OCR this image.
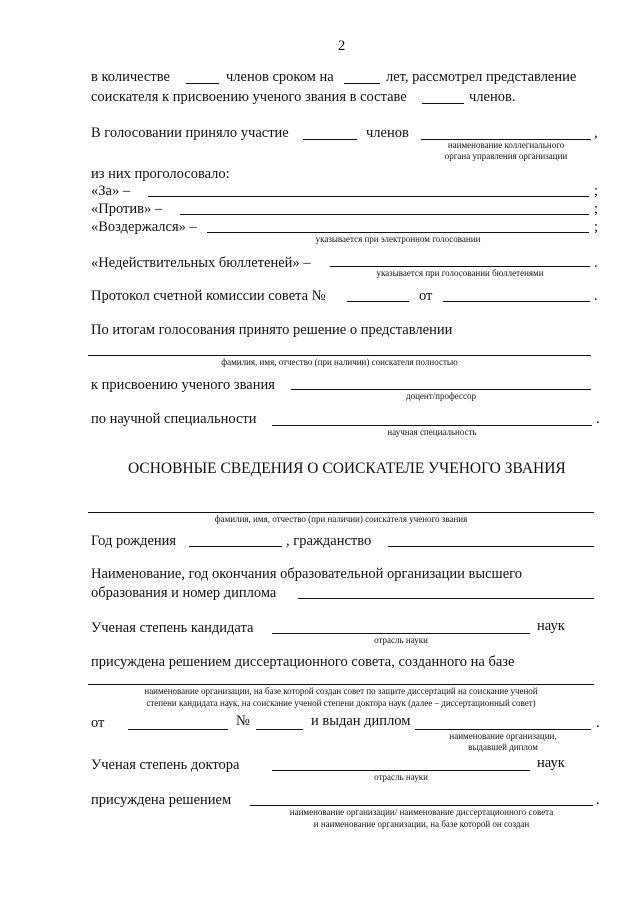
2
в количестве	членов сроком на	лет, рассмотрел представление
соискателя к присвоению ученого звания в составе	членов.
В голосовании приняло участие	членов	,
наименование коллегиального
органа управления организации
из них проголосовало:
«За» –	;
«Против» –	;
«Воздержался» –	;
указывается при электронном голосовании
«Недействительных бюллетеней» –	.
указывается при голосовании бюллетенями
Протокол счетной комиссии совета №	от	.
По итогам голосования принято решение о представлении
фамилия, имя, отчество (при наличии) соискателя полностью
к присвоению ученого звания
доцент/профессор
по научной специальности	.
научная специальность
ОСНОВНЫЕ СВЕДЕНИЯ О СОИСКАТЕЛЕ УЧЕНОГО ЗВАНИЯ
фамилия, имя, отчество (при наличии) соискателя ученого звания
Год рождения	, гражданство
Наименование, год окончания образовательной организации высшего
образования и номер диплома
Ученая степень кандидата	наук
отрасль науки
присуждена решением диссертационного совета, созданного на базе
наименование организации, на базе которой создан совет по защите диссертаций на соискание ученой
степени кандидата наук, на соискание ученой степени доктора наук (далее – диссертационный совет)
от	№	и выдан диплом	.
наименование организации,
выдавшей диплом
Ученая степень доктора	наук
отрасль науки
присуждена решением	.
наименование организации/ наименование диссертационного совета
и наименование организации, на базе которой он создан
